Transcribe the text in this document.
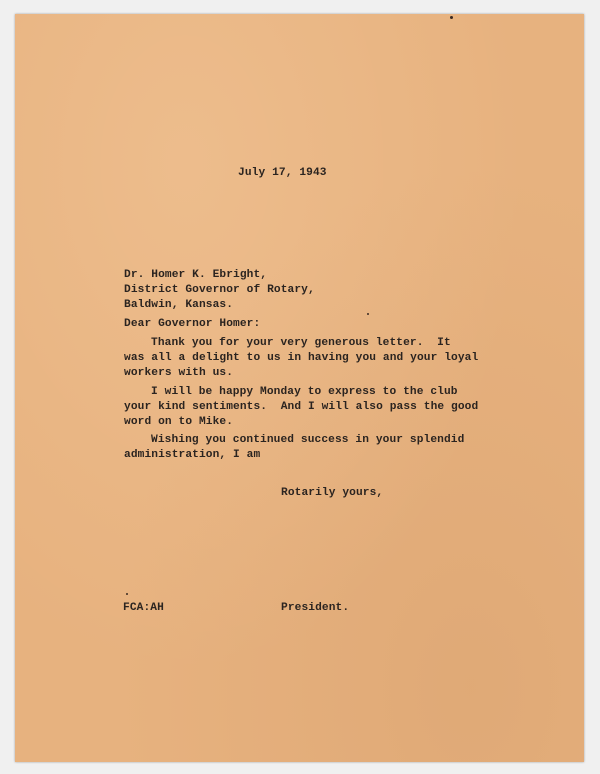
July 17, 1943
Dr. Homer K. Ebright,
District Governor of Rotary,
Baldwin, Kansas.
Dear Governor Homer:
Thank you for your very generous letter.  It
was all a delight to us in having you and your loyal
workers with us.
I will be happy Monday to express to the club
your kind sentiments.  And I will also pass the good
word on to Mike.
Wishing you continued success in your splendid
administration, I am
Rotarily yours,
FCA:AH	President.
